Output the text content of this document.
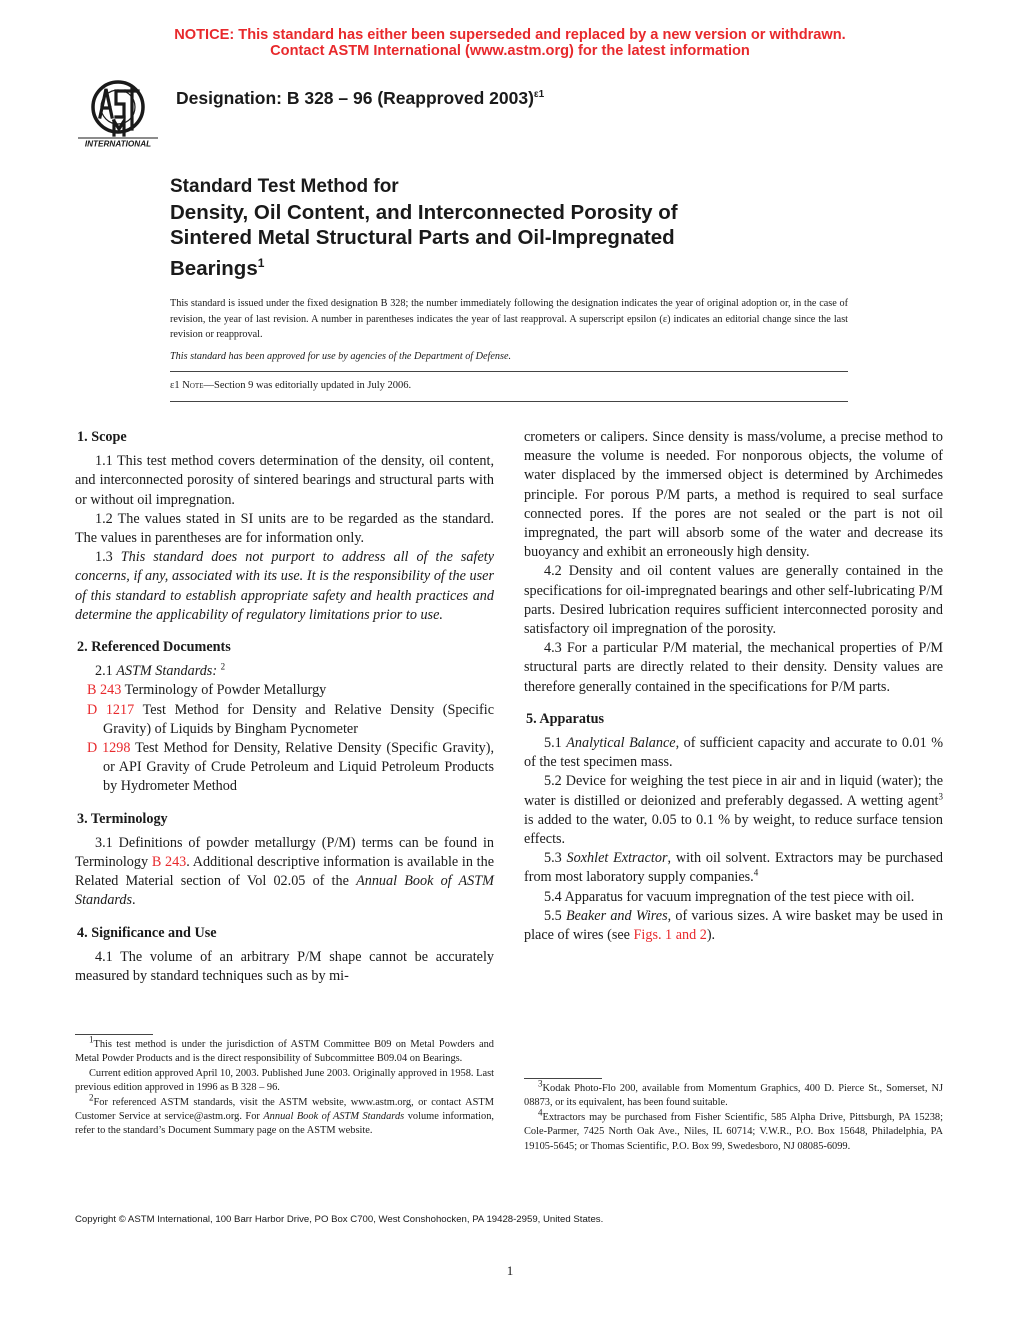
NOTICE: This standard has either been superseded and replaced by a new version or withdrawn.
Contact ASTM International (www.astm.org) for the latest information
INTERNATIONAL
Designation: B 328 – 96 (Reapproved 2003)$^{\varepsilon 1}$
Standard Test Method for
Density, Oil Content, and Interconnected Porosity of
Sintered Metal Structural Parts and Oil-Impregnated
Bearings$^1$
This standard is issued under the fixed designation B 328; the number immediately following the designation indicates the year of original adoption or, in the case of revision, the year of last revision. A number in parentheses indicates the year of last reapproval. A superscript epsilon (ε) indicates an editorial change since the last revision or reapproval.
This standard has been approved for use by agencies of the Department of Defense.
ε1 Note—Section 9 was editorially updated in July 2006.
1. Scope

1.1 This test method covers determination of the density, oil content, and interconnected porosity of sintered bearings and structural parts with or without oil impregnation.

1.2 The values stated in SI units are to be regarded as the standard. The values in parentheses are for information only.

1.3 This standard does not purport to address all of the safety concerns, if any, associated with its use. It is the responsibility of the user of this standard to establish appropriate safety and health practices and determine the applicability of regulatory limitations prior to use.

2. Referenced Documents

2.1 ASTM Standards: $^2$

B 243 Terminology of Powder Metallurgy
D 1217 Test Method for Density and Relative Density (Specific Gravity) of Liquids by Bingham Pycnometer
D 1298 Test Method for Density, Relative Density (Specific Gravity), or API Gravity of Crude Petroleum and Liquid Petroleum Products by Hydrometer Method
3. Terminology

3.1 Definitions of powder metallurgy (P/M) terms can be found in Terminology B 243. Additional descriptive information is available in the Related Material section of Vol 02.05 of the Annual Book of ASTM Standards.

4. Significance and Use

4.1 The volume of an arbitrary P/M shape cannot be accurately measured by standard techniques such as by mi-

$^1$This test method is under the jurisdiction of ASTM Committee B09 on Metal Powders and Metal Powder Products and is the direct responsibility of Subcommittee B09.04 on Bearings.

Current edition approved April 10, 2003. Published June 2003. Originally approved in 1958. Last previous edition approved in 1996 as B 328 – 96.

$^2$For referenced ASTM standards, visit the ASTM website, www.astm.org, or contact ASTM Customer Service at service@astm.org. For Annual Book of ASTM Standards volume information, refer to the standard’s Document Summary page on the ASTM website.

crometers or calipers. Since density is mass/volume, a precise method to measure the volume is needed. For nonporous objects, the volume of water displaced by the immersed object is determined by Archimedes principle. For porous P/M parts, a method is required to seal surface connected pores. If the pores are not sealed or the part is not oil impregnated, the part will absorb some of the water and decrease its buoyancy and exhibit an erroneously high density.

4.2 Density and oil content values are generally contained in the specifications for oil-impregnated bearings and other self-lubricating P/M parts. Desired lubrication requires sufficient interconnected porosity and satisfactory oil impregnation of the porosity.

4.3 For a particular P/M material, the mechanical properties of P/M structural parts are directly related to their density. Density values are therefore generally contained in the specifications for P/M parts.

5. Apparatus

5.1 Analytical Balance, of sufficient capacity and accurate to 0.01 % of the test specimen mass.

5.2 Device for weighing the test piece in air and in liquid (water); the water is distilled or deionized and preferably degassed. A wetting agent$^3$ is added to the water, 0.05 to 0.1 % by weight, to reduce surface tension effects.

5.3 Soxhlet Extractor, with oil solvent. Extractors may be purchased from most laboratory supply companies.$^4$

5.4 Apparatus for vacuum impregnation of the test piece with oil.

5.5 Beaker and Wires, of various sizes. A wire basket may be used in place of wires (see Figs. 1 and 2).

$^3$Kodak Photo-Flo 200, available from Momentum Graphics, 400 D. Pierce St., Somerset, NJ 08873, or its equivalent, has been found suitable.

$^4$Extractors may be purchased from Fisher Scientific, 585 Alpha Drive, Pittsburgh, PA 15238; Cole-Parmer, 7425 North Oak Ave., Niles, IL 60714; V.W.R., P.O. Box 15648, Philadelphia, PA 19105-5645; or Thomas Scientific, P.O. Box 99, Swedesboro, NJ 08085-6099.

Copyright © ASTM International, 100 Barr Harbor Drive, PO Box C700, West Conshohocken, PA 19428-2959, United States.
1
